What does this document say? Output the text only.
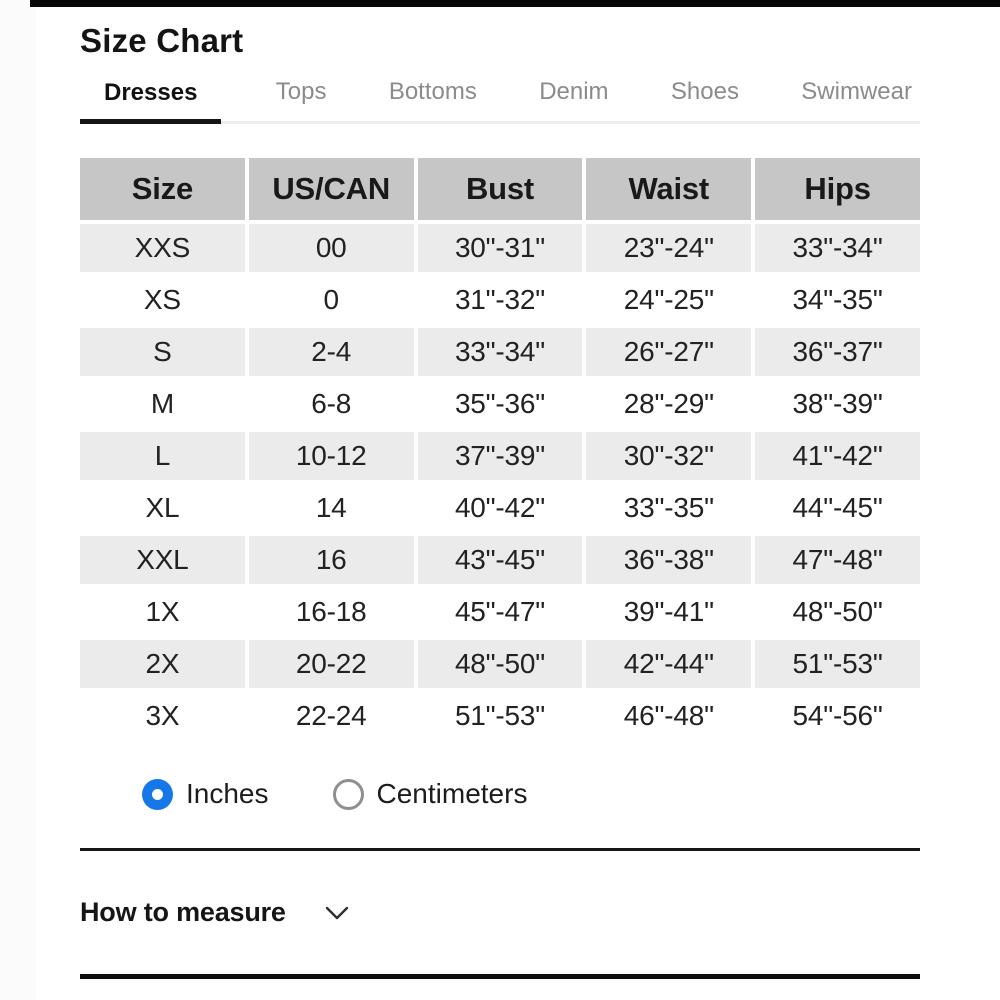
Size Chart
Dresses	Tops	Bottoms	Denim	Shoes	Swimwear
Size	US/CAN	Bust	Waist	Hips
XXS	00	30"-31"	23"-24"	33"-34"
XS	0	31"-32"	24"-25"	34"-35"
S	2-4	33"-34"	26"-27"	36"-37"
M	6-8	35"-36"	28"-29"	38"-39"
L	10-12	37"-39"	30"-32"	41"-42"
XL	14	40"-42"	33"-35"	44"-45"
XXL	16	43"-45"	36"-38"	47"-48"
1X	16-18	45"-47"	39"-41"	48"-50"
2X	20-22	48"-50"	42"-44"	51"-53"
3X	22-24	51"-53"	46"-48"	54"-56"
Inches	Centimeters
How to measure
